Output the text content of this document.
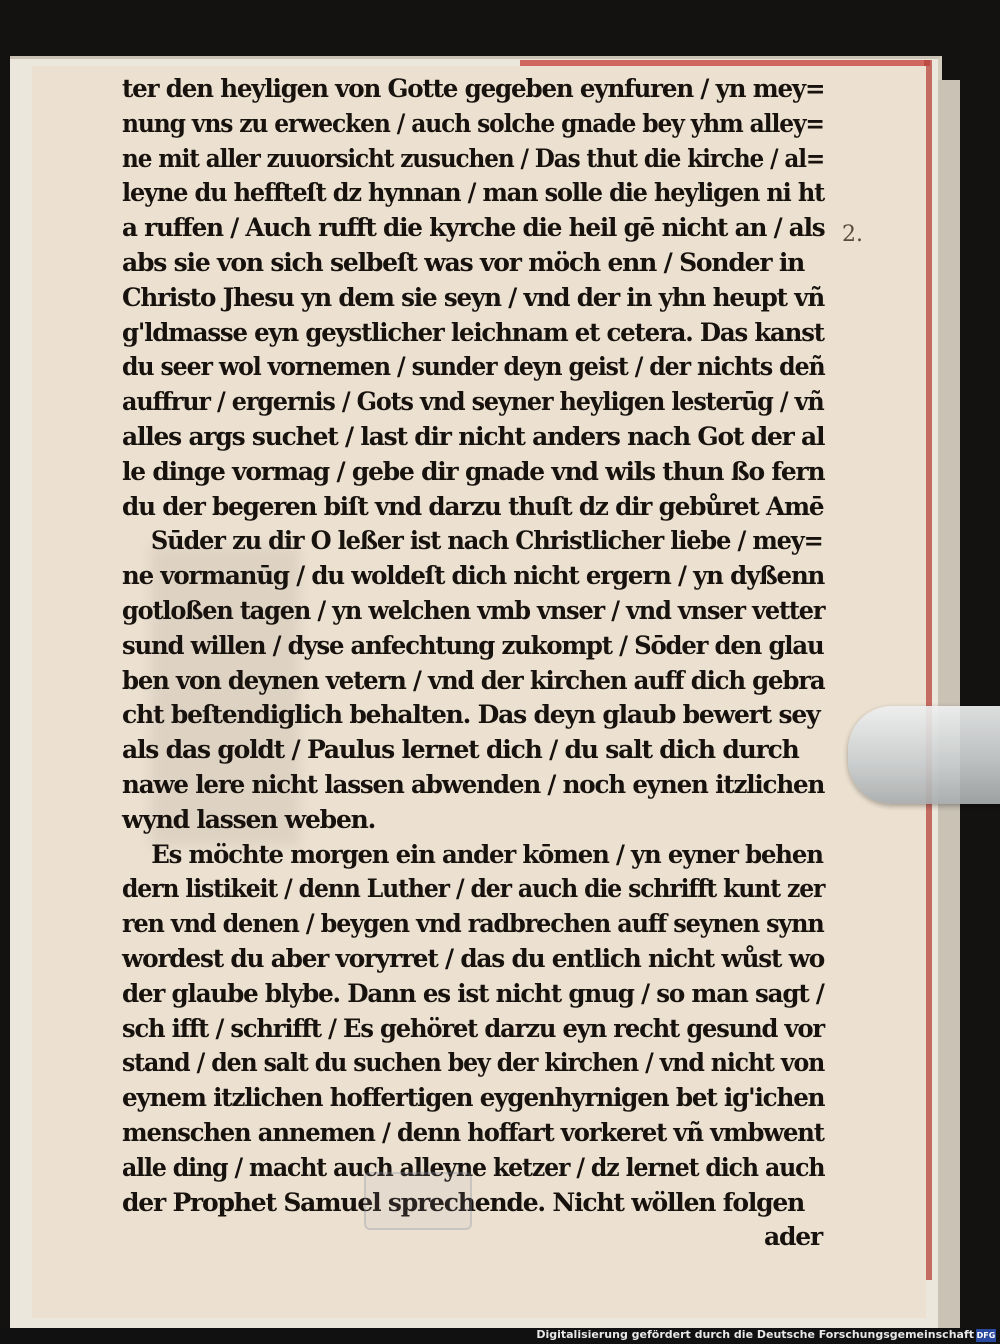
ter den heyligen von Gotte gegeben eynfuren / yn mey=
nung vns zu erwecken / auch solche gnade bey yhm alley=
ne mit aller zuuorsicht zusuchen / Das thut die kirche / al=
leyne du heffteſt dz hynnan / man solle die heyligen ni ht
a ruffen / Auch rufft die kyrche die heil gē nicht an / als
abs sie von sich selbeſt was vor möch enn / Sonder in
Christo Jhesu yn dem sie seyn / vnd der in yhn heupt vñ
g'ldmasse eyn geystlicher leichnam et cetera. Das kanst
du seer wol vornemen / sunder deyn geist / der nichts deñ
auffrur / ergernis / Gots vnd seyner heyligen lesterūg / vñ
alles args suchet / last dir nicht anders nach Got der al
le dinge vormag / gebe dir gnade vnd wils thun ßo fern
du der begeren biſt vnd darzu thuſt dz dir gebůret Amē
Sūder zu dir O leßer ist nach Christlicher liebe / mey=
ne vormanūg / du woldeſt dich nicht ergern / yn dyßenn
gotloßen tagen / yn welchen vmb vnser / vnd vnser vetter
sund willen / dyse anfechtung zukompt / Sōder den glau
ben von deynen vetern / vnd der kirchen auff dich gebra
cht beſtendiglich behalten. Das deyn glaub bewert sey
als das goldt / Paulus lernet dich / du salt dich durch
nawe lere nicht lassen abwenden / noch eynen itzlichen
wynd lassen weben.
Es möchte morgen ein ander kōmen / yn eyner behen
dern listikeit / denn Luther / der auch die schrifft kunt zer
ren vnd denen / beygen vnd radbrechen auff seynen synn
wordest du aber voryrret / das du entlich nicht wůst wo
der glaube blybe. Dann es ist nicht gnug / so man sagt /
sch ifft / schrifft / Es gehöret darzu eyn recht gesund vor
stand / den salt du suchen bey der kirchen / vnd nicht von
eynem itzlichen hoffertigen eygenhyrnigen bet ig'ichen
menschen annemen / denn hoffart vorkeret vñ vmbwent
alle ding / macht auch alleyne ketzer / dz lernet dich auch
der Prophet Samuel sprechende. Nicht wöllen folgen
ader
2.
Digitalisierung gefördert durch die Deutsche Forschungsgemeinschaft DFG
